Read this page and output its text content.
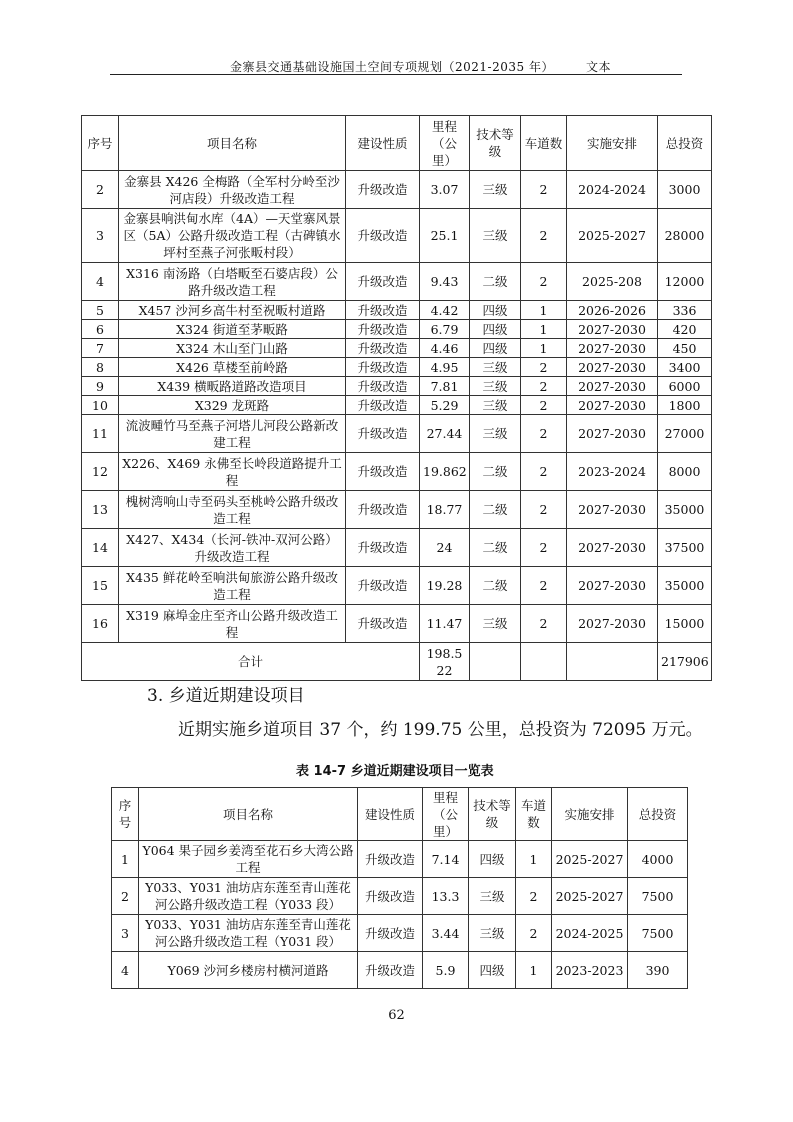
金寨县交通基础设施国土空间专项规划（2021-2035 年）	文本
序号	项目名称	建设性质	里程（公里）	技术等级	车道数	实施安排	总投资
2	金寨县 X426 全梅路（全军村分岭至沙河店段）升级改造工程	升级改造	3.07	三级	2	2024-2024	3000
3	金寨县响洪甸水库（4A）—天堂寨风景区（5A）公路升级改造工程（古碑镇水坪村至燕子河张畈村段）	升级改造	25.1	三级	2	2025-2027	28000
4	X316 南汤路（白塔畈至石婆店段）公路升级改造工程	升级改造	9.43	二级	2	2025-208	12000
5	X457 沙河乡高牛村至祝畈村道路	升级改造	4.42	四级	1	2026-2026	336
6	X324 街道至茅畈路	升级改造	6.79	四级	1	2027-2030	420
7	X324 木山至门山路	升级改造	4.46	四级	1	2027-2030	450
8	X426 草楼至前岭路	升级改造	4.95	三级	2	2027-2030	3400
9	X439 横畈路道路改造项目	升级改造	7.81	三级	2	2027-2030	6000
10	X329 龙斑路	升级改造	5.29	三级	2	2027-2030	1800
11	流波畽竹马至燕子河塔儿河段公路新改建工程	升级改造	27.44	三级	2	2027-2030	27000
12	X226、X469 永佛至长岭段道路提升工程	升级改造	19.862	二级	2	2023-2024	8000
13	槐树湾响山寺至码头至桃岭公路升级改造工程	升级改造	18.77	二级	2	2027-2030	35000
14	X427、X434（长河-铁冲-双河公路）升级改造工程	升级改造	24	二级	2	2027-2030	37500
15	X435 鲜花岭至响洪甸旅游公路升级改造工程	升级改造	19.28	二级	2	2027-2030	35000
16	X319 麻埠金庄至齐山公路升级改造工程	升级改造	11.47	三级	2	2027-2030	15000
合计			198.522				217906
3. 乡道近期建设项目
近期实施乡道项目 37 个，约 199.75 公里，总投资为 72095 万元。
表 14-7 乡道近期建设项目一览表
序号	项目名称	建设性质	里程（公里）	技术等级	车道数	实施安排	总投资
1	Y064 果子园乡姜湾至花石乡大湾公路工程	升级改造	7.14	四级	1	2025-2027	4000
2	Y033、Y031 油坊店东莲至青山莲花河公路升级改造工程（Y033 段）	升级改造	13.3	三级	2	2025-2027	7500
3	Y033、Y031 油坊店东莲至青山莲花河公路升级改造工程（Y031 段）	升级改造	3.44	三级	2	2024-2025	7500
4	Y069 沙河乡楼房村横河道路	升级改造	5.9	四级	1	2023-2023	390
62
